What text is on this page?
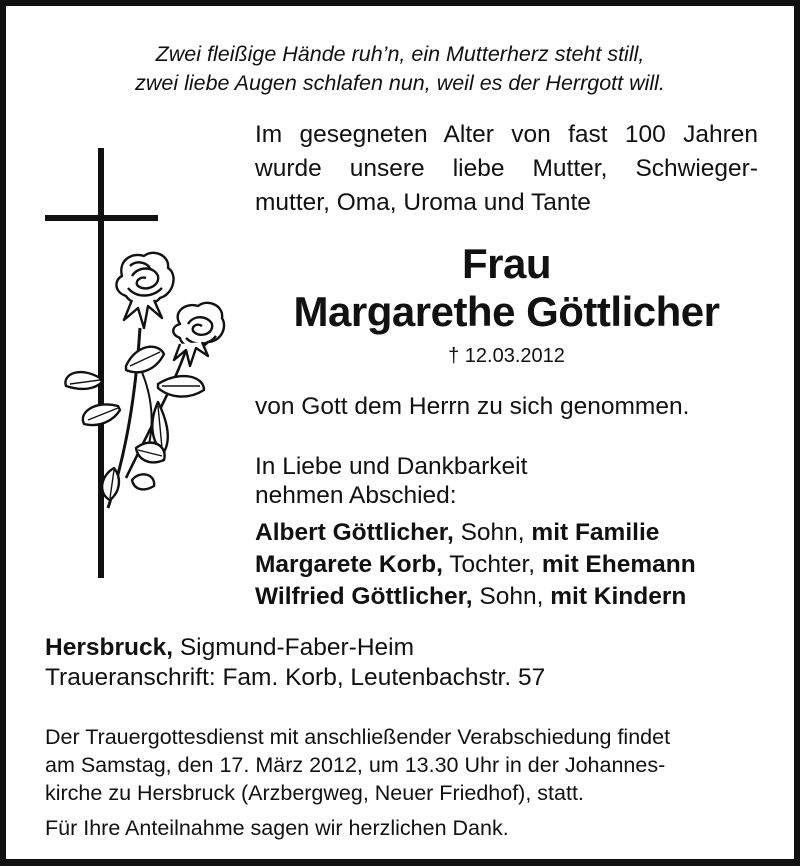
Zwei fleißige Hände ruh’n, ein Mutterherz steht still,
zwei liebe Augen schlafen nun, weil es der Herrgott will.
Im gesegneten Alter von fast 100 Jahren
wurde unsere liebe Mutter, Schwieger-
mutter, Oma, Uroma und Tante
Frau
Margarethe Göttlicher
† 12.03.2012
von Gott dem Herrn zu sich genommen.
In Liebe und Dankbarkeit
nehmen Abschied:
Albert Göttlicher, Sohn, mit Familie
Margarete Korb, Tochter, mit Ehemann
Wilfried Göttlicher, Sohn, mit Kindern
Hersbruck, Sigmund-Faber-Heim
Traueranschrift: Fam. Korb, Leutenbachstr. 57
Der Trauergottesdienst mit anschließender Verabschiedung findet
am Samstag, den 17. März 2012, um 13.30 Uhr in der Johannes-
kirche zu Hersbruck (Arzbergweg, Neuer Friedhof), statt.
Für Ihre Anteilnahme sagen wir herzlichen Dank.
